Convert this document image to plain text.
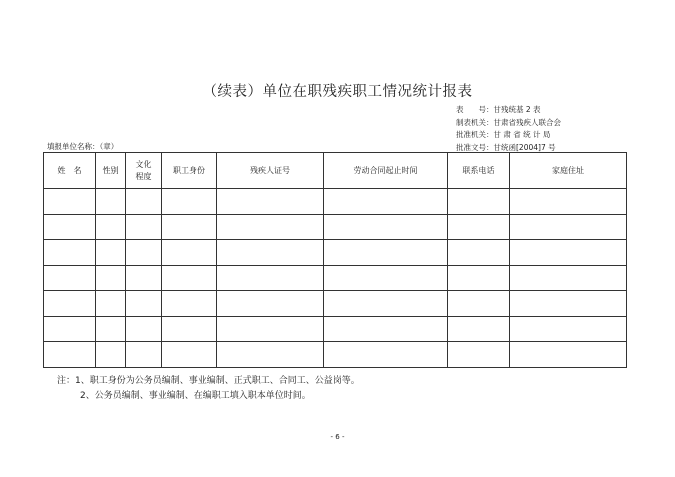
（续表）单位在职残疾职工情况统计报表
表　　号：甘残统基 2 表
制表机关：甘肃省残疾人联合会
批准机关：甘 肃 省 统 计 局
批准文号：甘统函[2004]7 号
填报单位名称：（章）
姓　名	性别	文化程度	职工身份	残疾人证号	劳动合同起止时间	联系电话	家庭住址

注：1、职工身份为公务员编制、事业编制、正式职工、合同工、公益岗等。
2、公务员编制、事业编制、在编职工填入职本单位时间。
- 6 -
